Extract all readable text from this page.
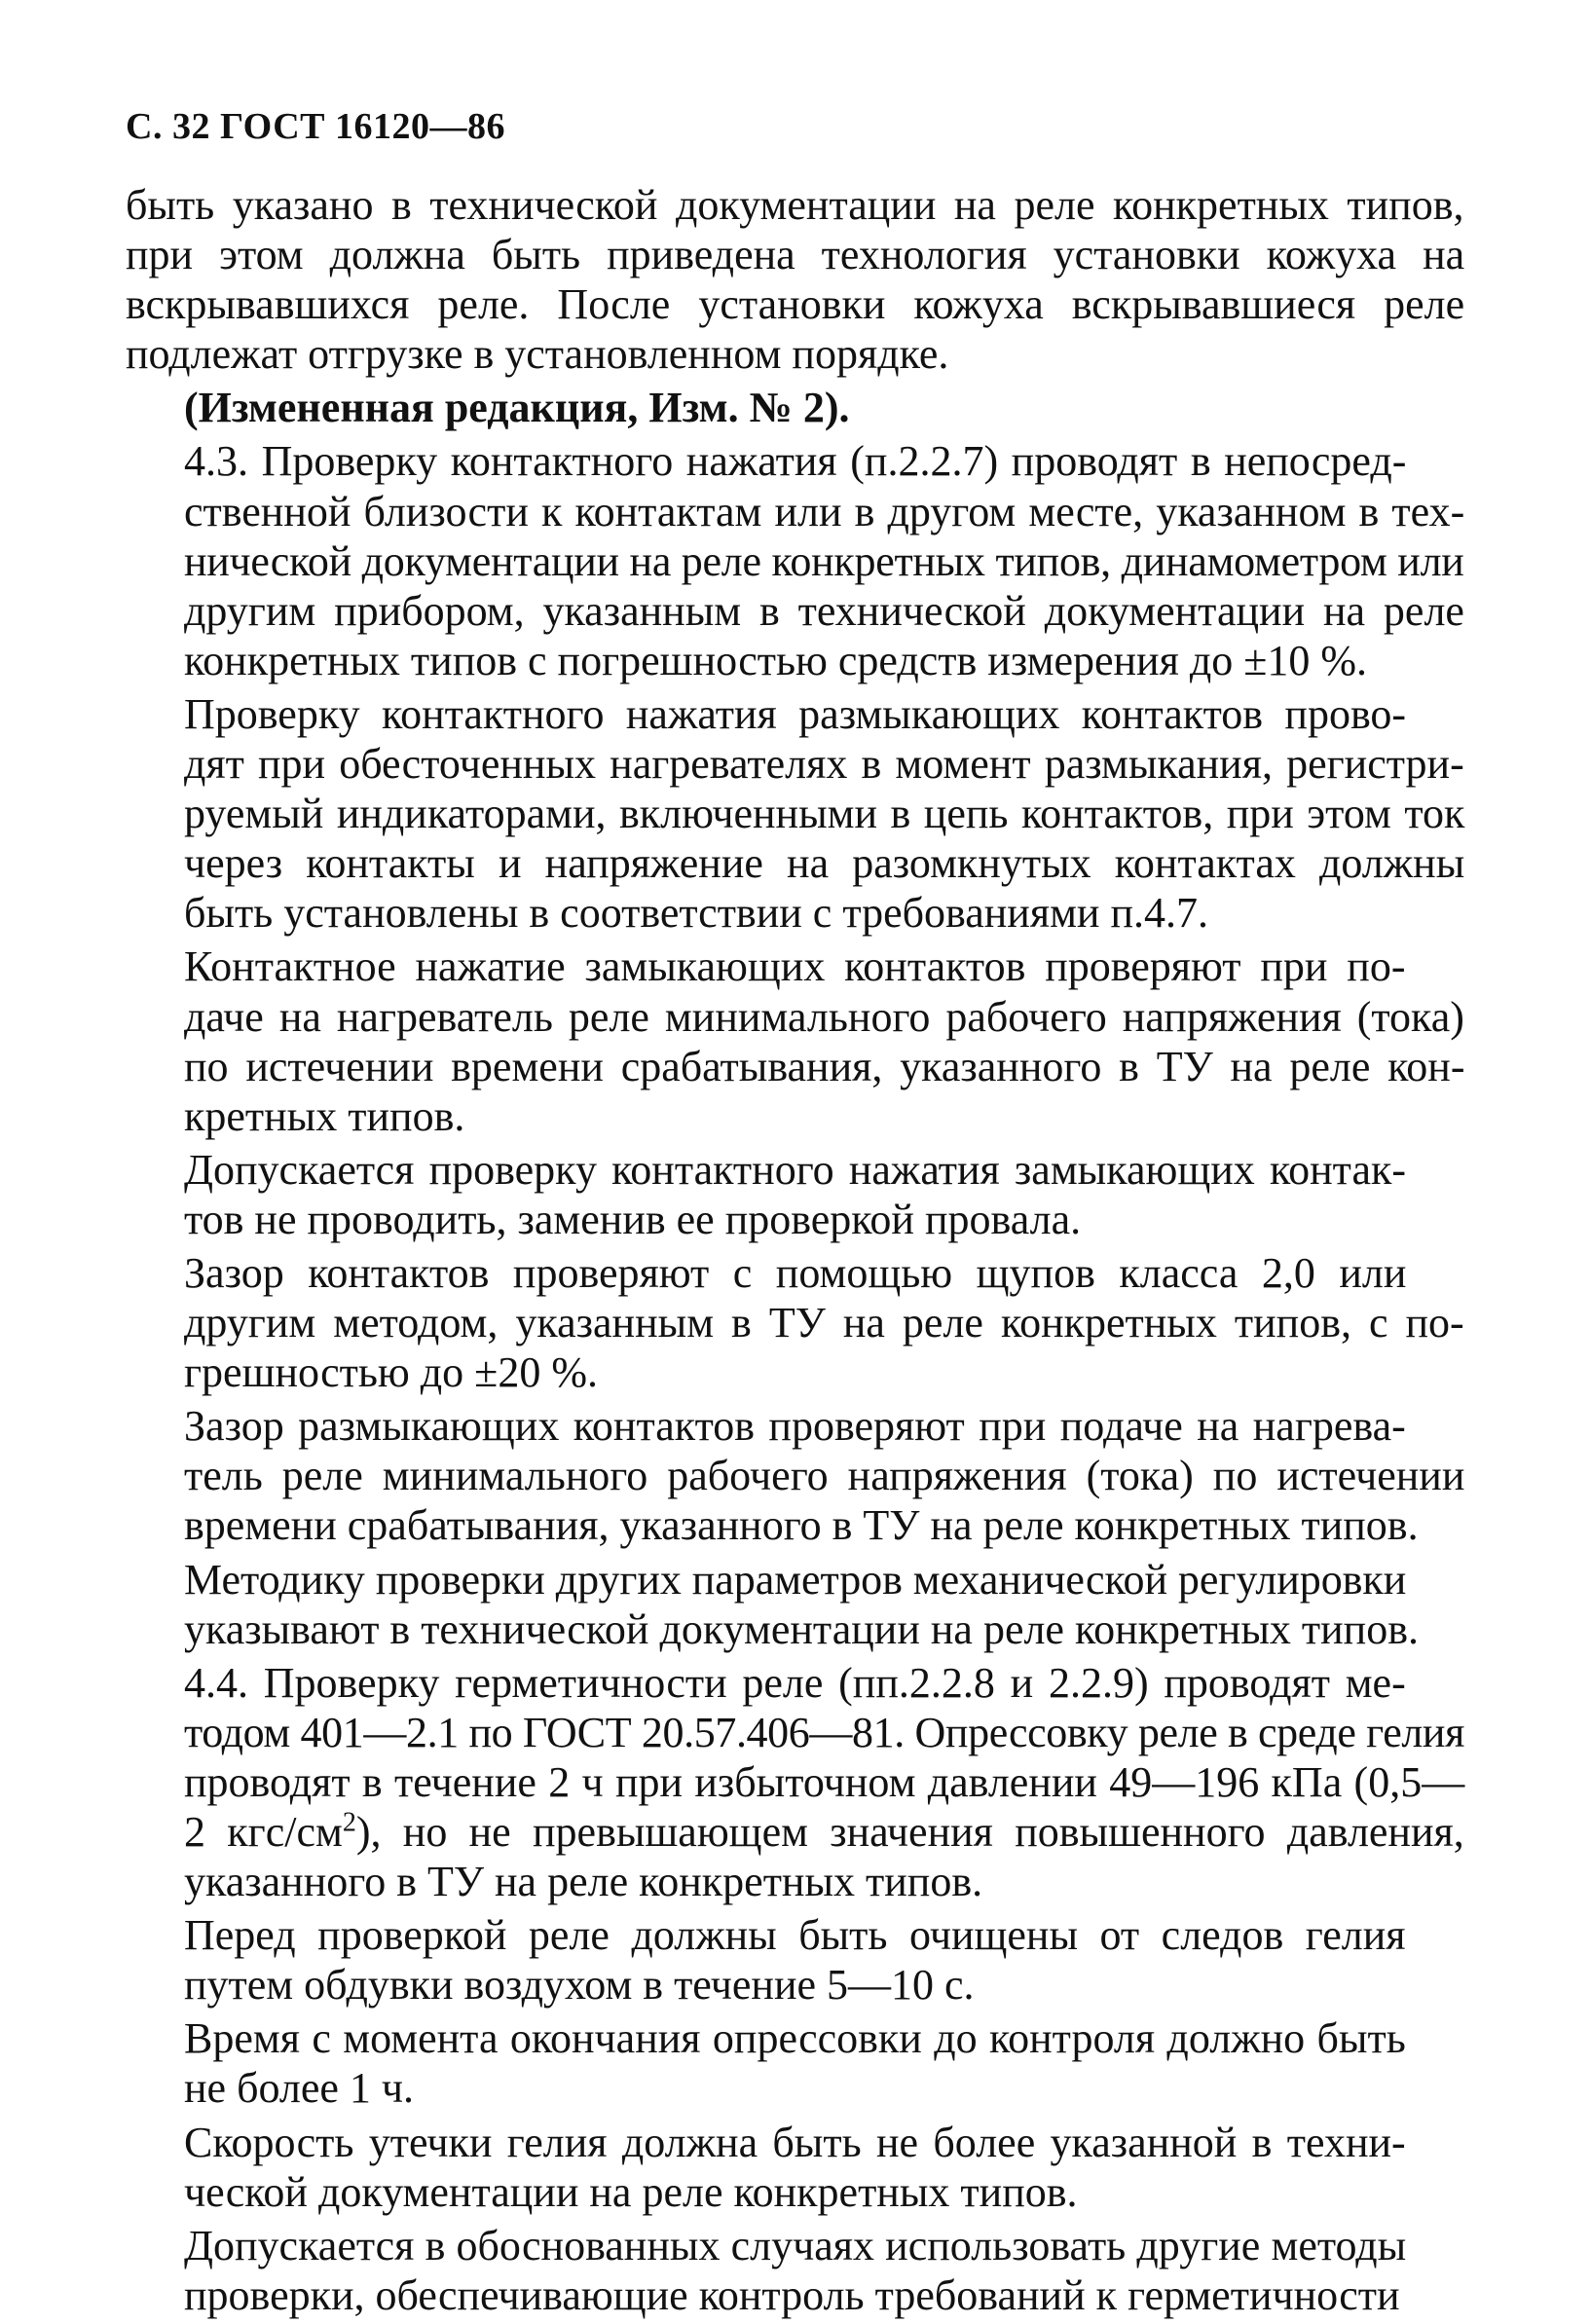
С. 32 ГОСТ 16120—86
быть указано в технической документации на реле конкретных типов,
при этом должна быть приведена технология установки кожуха на
вскрывавшихся реле. После установки кожуха вскрывавшиеся реле
подлежат отгрузке в установленном порядке.
(Измененная редакция, Изм. № 2).
4.3. Проверку контактного нажатия (п.2.2.7) проводят в непосред-
ственной близости к контактам или в другом месте, указанном в тех-
нической документации на реле конкретных типов, динамометром или
другим прибором, указанным в технической документации на реле
конкретных типов с погрешностью средств измерения до ±10 %.
Проверку контактного нажатия размыкающих контактов прово-
дят при обесточенных нагревателях в момент размыкания, регистри-
руемый индикаторами, включенными в цепь контактов, при этом ток
через контакты и напряжение на разомкнутых контактах должны
быть установлены в соответствии с требованиями п.4.7.
Контактное нажатие замыкающих контактов проверяют при по-
даче на нагреватель реле минимального рабочего напряжения (тока)
по истечении времени срабатывания, указанного в ТУ на реле кон-
кретных типов.
Допускается проверку контактного нажатия замыкающих контак-
тов не проводить, заменив ее проверкой провала.
Зазор контактов проверяют с помощью щупов класса 2,0 или
другим методом, указанным в ТУ на реле конкретных типов, с по-
грешностью до ±20 %.
Зазор размыкающих контактов проверяют при подаче на нагрева-
тель реле минимального рабочего напряжения (тока) по истечении
времени срабатывания, указанного в ТУ на реле конкретных типов.
Методику проверки других параметров механической регулировки
указывают в технической документации на реле конкретных типов.
4.4. Проверку герметичности реле (пп.2.2.8 и 2.2.9) проводят ме-
тодом 401—2.1 по ГОСТ 20.57.406—81. Опрессовку реле в среде гелия
проводят в течение 2 ч при избыточном давлении 49—196 кПа (0,5—
2 кгс/$см^2$), но не превышающем значения повышенного давления,
указанного в ТУ на реле конкретных типов.
Перед проверкой реле должны быть очищены от следов гелия
путем обдувки воздухом в течение 5—10 с.
Время с момента окончания опрессовки до контроля должно быть
не более 1 ч.
Скорость утечки гелия должна быть не более указанной в техни-
ческой документации на реле конкретных типов.
Допускается в обоснованных случаях использовать другие методы
проверки, обеспечивающие контроль требований к герметичности
